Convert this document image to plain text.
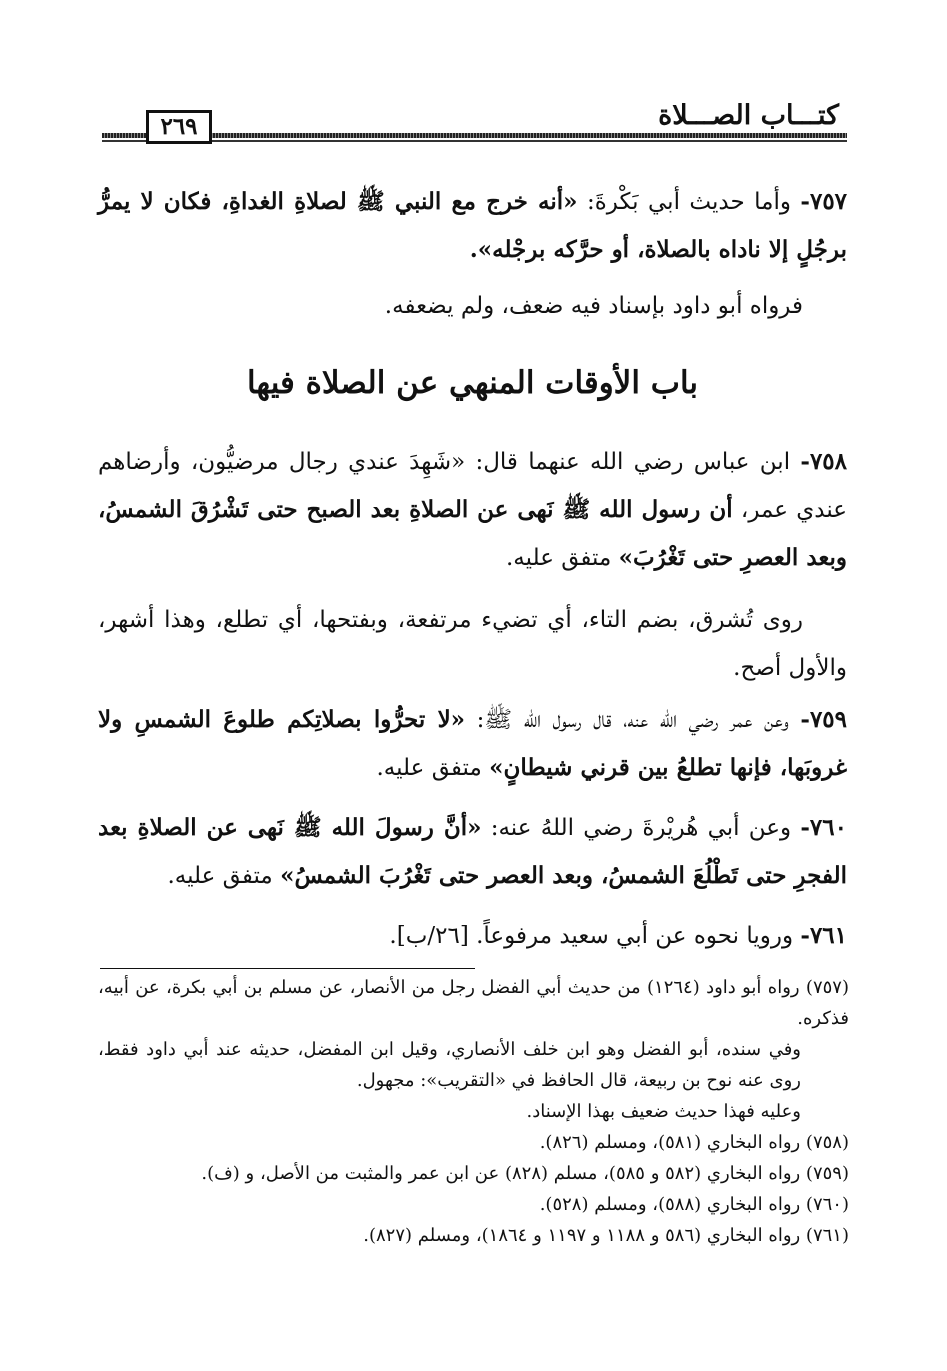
كتـــاب الصـــلاة
٢٦٩

٧٥٧- وأما حديث أبي بَكْرةَ: «أنه خرج مع النبي ﷺ لصلاةِ الغداةِ، فكان لا يمرُّ برجُلٍ إلا ناداه بالصلاة، أو حرَّكه برجْله».

فرواه أبو داود بإسناد فيه ضعف، ولم يضعفه.

باب الأوقات المنهي عن الصلاة فيها

٧٥٨- ابن عباس رضي الله عنهما قال: «شَهِدَ عندي رجال مرضيُّون، وأرضاهم عندي عمر، أن رسول الله ﷺ نَهى عن الصلاةِ بعد الصبح حتى تَشْرُقَ الشمسُ، وبعد العصرِ حتى تَغْرُبَ» متفق عليه.

روى تُشرق، بضم التاء، أي تضيء مرتفعة، وبفتحها، أي تطلع، وهذا أشهر، والأول أصح.

٧٥٩- وعن عمر رضي الله عنه، قال رسول الله ﷺ: «لا تحرُّوا بصلاتِكم طلوعَ الشمسِ ولا غروبَها، فإنها تطلعُ بين قرني شيطانٍ» متفق عليه.

٧٦٠- وعن أبي هُريْرةَ رضي اللهُ عنه: «أنَّ رسولَ الله ﷺ نَهى عن الصلاةِ بعد الفجرِ حتى تَطْلُعَ الشمسُ، وبعد العصر حتى تَغْرُبَ الشمسُ» متفق عليه.

٧٦١- ورويا نحوه عن أبي سعيد مرفوعاً. [٢٦/ب].

(٧٥٧) رواه أبو داود (١٢٦٤) من حديث أبي الفضل رجل من الأنصار، عن مسلم بن أبي بكرة، عن أبيه، فذكره.

وفي سنده، أبو الفضل وهو ابن خلف الأنصاري، وقيل ابن المفضل، حديثه عند أبي داود فقط، روى عنه نوح بن ربيعة، قال الحافظ في «التقريب»: مجهول.

وعليه فهذا حديث ضعيف بهذا الإسناد.

(٧٥٨) رواه البخاري (٥٨١)، ومسلم (٨٢٦).

(٧٥٩) رواه البخاري (٥٨٢ و ٥٨٥)، مسلم (٨٢٨) عن ابن عمر والمثبت من الأصل، و (ف).

(٧٦٠) رواه البخاري (٥٨٨)، ومسلم (٥٢٨).

(٧٦١) رواه البخاري (٥٨٦ و ١١٨٨ و ١١٩٧ و ١٨٦٤)، ومسلم (٨٢٧).
